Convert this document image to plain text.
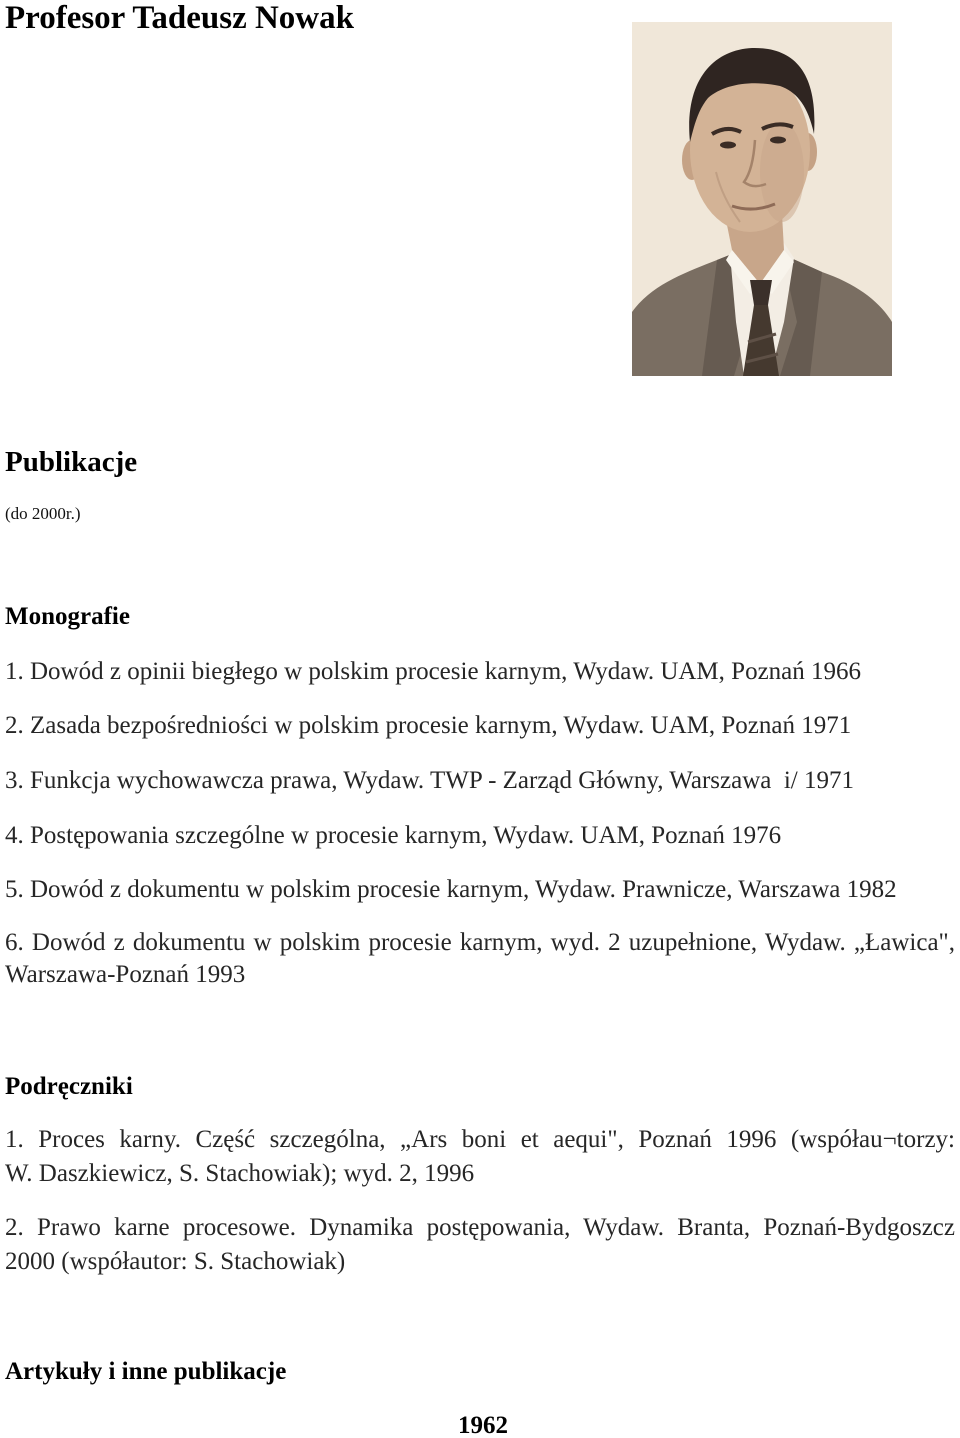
Profesor Tadeusz Nowak
Publikacje
(do 2000r.)
Monografie
1. Dowód z opinii biegłego w polskim procesie karnym, Wydaw. UAM, Poznań 1966
2. Zasada bezpośredniości w polskim procesie karnym, Wydaw. UAM, Poznań 1971
3. Funkcja wychowawcza prawa, Wydaw. TWP - Zarząd Główny, Warszawa  i/ 1971
4. Postępowania szczególne w procesie karnym, Wydaw. UAM, Poznań 1976
5. Dowód z dokumentu w polskim procesie karnym, Wydaw. Prawnicze, Warszawa 1982
6. Dowód z dokumentu w polskim procesie karnym, wyd. 2 uzupełnione, Wydaw. „Ławica",
Warszawa-Poznań 1993
Podręczniki
1. Proces karny. Część szczególna, „Ars boni et aequi", Poznań 1996 (współau¬torzy:
W. Daszkiewicz, S. Stachowiak); wyd. 2, 1996
2. Prawo karne procesowe. Dynamika postępowania, Wydaw. Branta, Poznań-Bydgoszcz
2000 (współautor: S. Stachowiak)
Artykuły i inne publikacje
1962
